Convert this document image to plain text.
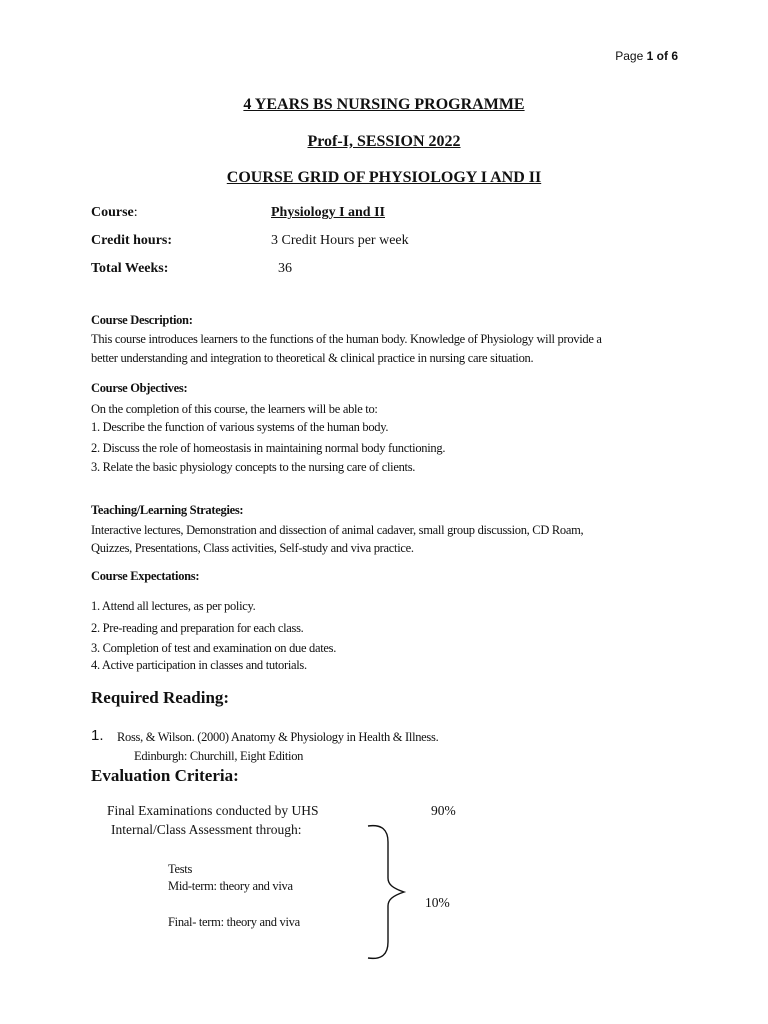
Page 1 of 6
4 YEARS BS NURSING PROGRAMME
Prof-I, SESSION 2022
COURSE GRID OF PHYSIOLOGY I AND II
Course:	Physiology I and II
Credit hours:	3 Credit Hours per week
Total Weeks:	36
Course Description:
This course introduces learners to the functions of the human body. Knowledge of Physiology will provide a
better understanding and integration to theoretical & clinical practice in nursing care situation.
Course Objectives:
On the completion of this course, the learners will be able to:
1. Describe the function of various systems of the human body.
2. Discuss the role of homeostasis in maintaining normal body functioning.
3. Relate the basic physiology concepts to the nursing care of clients.
Teaching/Learning Strategies:
Interactive lectures, Demonstration and dissection of animal cadaver, small group discussion, CD Roam,
Quizzes, Presentations, Class activities, Self-study and viva practice.
Course Expectations:
1. Attend all lectures, as per policy.
2. Pre-reading and preparation for each class.
3. Completion of test and examination on due dates.
4. Active participation in classes and tutorials.
Required Reading:
1. Ross, & Wilson. (2000) Anatomy & Physiology in Health & Illness.
Edinburgh: Churchill, Eight Edition
Evaluation Criteria:
Final Examinations conducted by UHS	90%
Internal/Class Assessment through:
Tests
Mid-term: theory and viva
Final- term: theory and viva
10%
